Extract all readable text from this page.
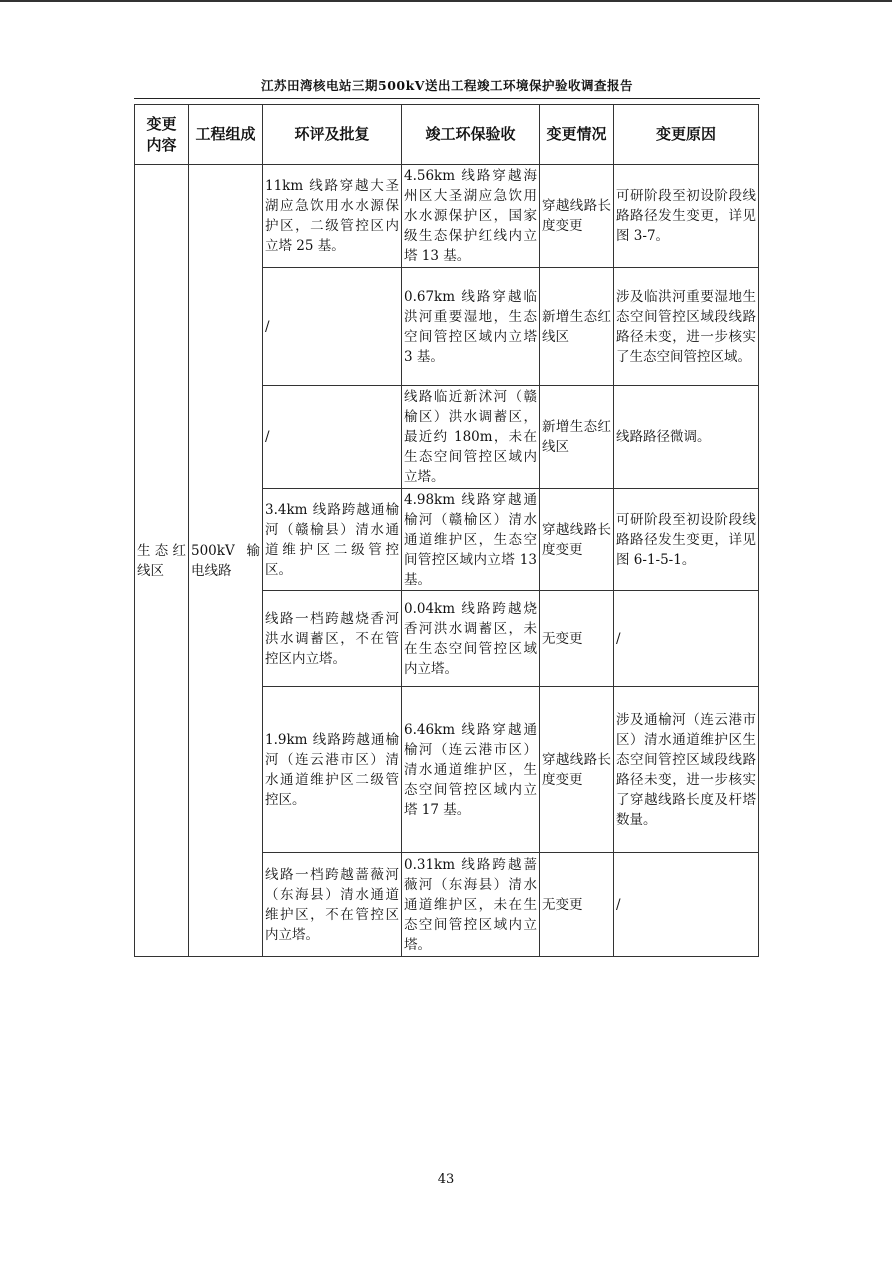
江苏田湾核电站三期500kV送出工程竣工环境保护验收调查报告
变更内容	工程组成	环评及批复	竣工环保验收	变更情况	变更原因
生态红线区	500kV 输电线路	11km 线路穿越大圣湖应急饮用水水源保护区，二级管控区内立塔 25 基。	4.56km 线路穿越海州区大圣湖应急饮用水水源保护区，国家级生态保护红线内立塔 13 基。	穿越线路长度变更	可研阶段至初设阶段线路路径发生变更，详见图 3-7。
		/	0.67km 线路穿越临洪河重要湿地，生态空间管控区域内立塔 3 基。	新增生态红线区	涉及临洪河重要湿地生态空间管控区域段线路路径未变，进一步核实了生态空间管控区域。
		/	线路临近新沭河（赣榆区）洪水调蓄区，最近约 180m，未在生态空间管控区域内立塔。	新增生态红线区	线路路径微调。
		3.4km 线路跨越通榆河（赣榆县）清水通道维护区二级管控区。	4.98km 线路穿越通榆河（赣榆区）清水通道维护区，生态空间管控区域内立塔 13 基。	穿越线路长度变更	可研阶段至初设阶段线路路径发生变更，详见图 6-1-5-1。
		线路一档跨越烧香河洪水调蓄区，不在管控区内立塔。	0.04km 线路跨越烧香河洪水调蓄区，未在生态空间管控区域内立塔。	无变更	/
		1.9km 线路跨越通榆河（连云港市区）清水通道维护区二级管控区。	6.46km 线路穿越通榆河（连云港市区）清水通道维护区，生态空间管控区域内立塔 17 基。	穿越线路长度变更	涉及通榆河（连云港市区）清水通道维护区生态空间管控区域段线路路径未变，进一步核实了穿越线路长度及杆塔数量。
		线路一档跨越蔷薇河（东海县）清水通道维护区，不在管控区内立塔。	0.31km 线路跨越蔷薇河（东海县）清水通道维护区，未在生态空间管控区域内立塔。	无变更	/
43
